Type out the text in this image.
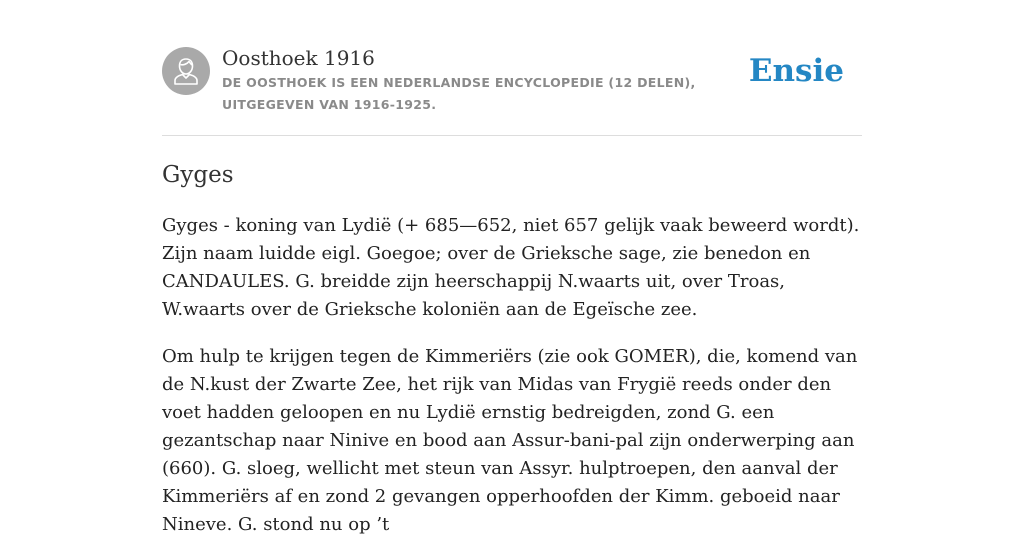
Oosthoek 1916
DE OOSTHOEK IS EEN NEDERLANDSE ENCYCLOPEDIE (12 DELEN), UITGEGEVEN VAN 1916-1925.
Ensie
Gyges

Gyges - koning van Lydië (+ 685—652, niet 657 gelijk vaak beweerd wordt). Zijn naam luidde eigl. Goegoe; over de Grieksche sage, zie benedon en CANDAULES. G. breidde zijn heerschappij N.waarts uit, over Troas, W.waarts over de Grieksche koloniën aan de Egeïsche zee.

Om hulp te krijgen tegen de Kimmeriërs (zie ook GOMER), die, komend van de N.kust der Zwarte Zee, het rijk van Midas van Frygië reeds onder den voet hadden geloopen en nu Lydië ernstig bedreigden, zond G. een gezantschap naar Ninive en bood aan Assur-bani-pal zijn onderwerping aan (660). G. sloeg, wellicht met steun van Assyr. hulptroepen, den aanval der Kimmeriërs af en zond 2 gevangen opperhoofden der Kimm. geboeid naar Nineve. G. stond nu op ’t
